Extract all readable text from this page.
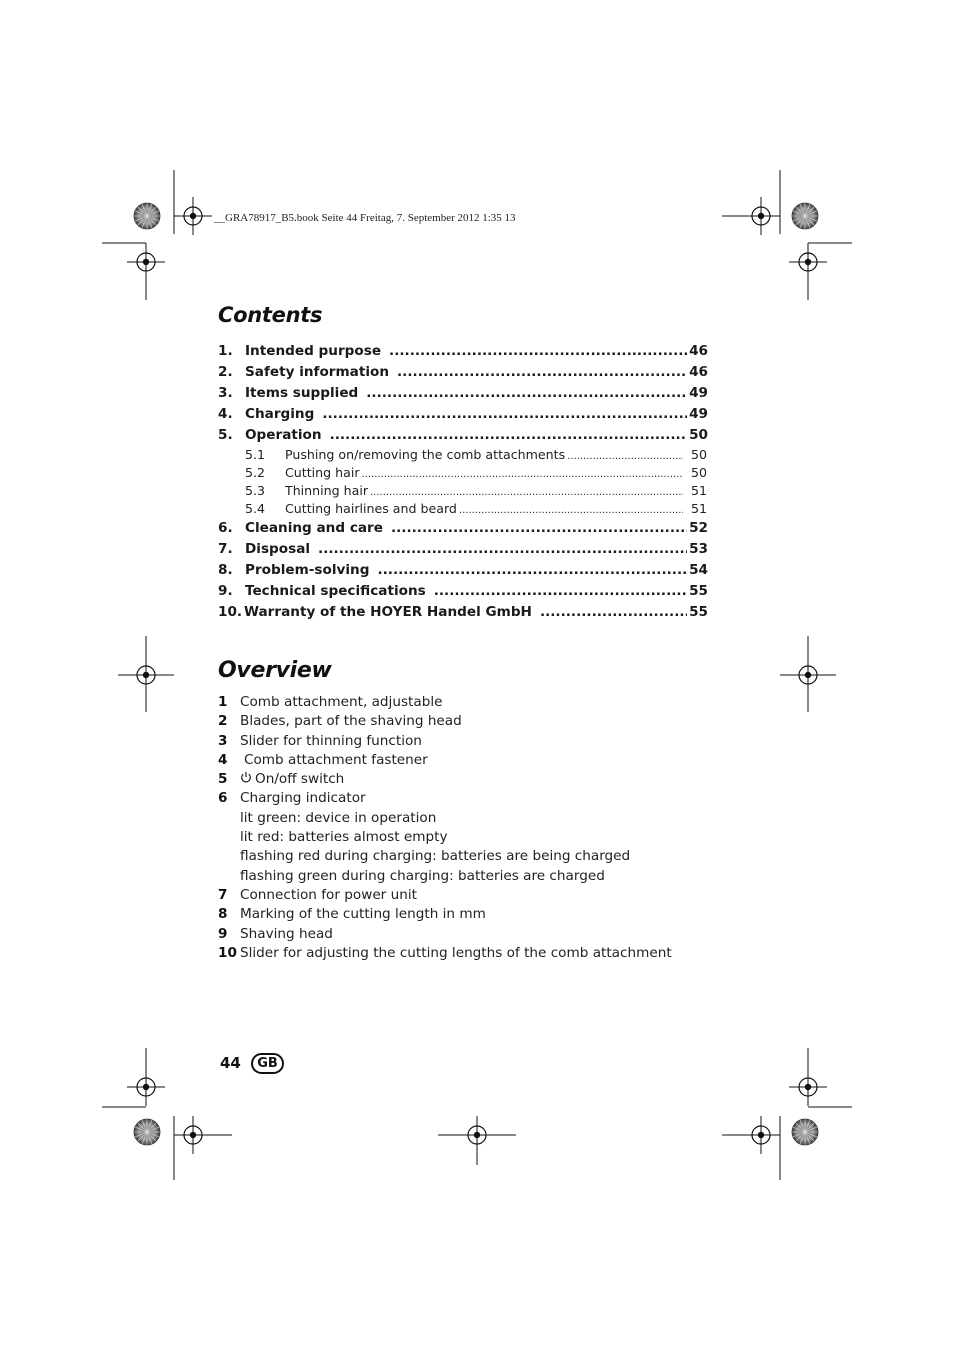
__GRA78917_B5.book Seite 44 Freitag, 7. September 2012 1:35 13
Contents
1. Intended purpose .....	46
2. Safety information .....	46
3. Items supplied .....	49
4. Charging .....	49
5. Operation .....	50
5.1	Pushing on/removing the comb attachments .....	50
5.2	Cutting hair .....	50
5.3	Thinning hair .....	51
5.4	Cutting hairlines and beard .....	51
6. Cleaning and care .....	52
7. Disposal .....	53
8. Problem-solving .....	54
9. Technical specifications .....	55
10. Warranty of the HOYER Handel GmbH .....	55
Overview
1 Comb attachment, adjustable
2 Blades, part of the shaving head
3 Slider for thinning function
4	Comb attachment fastener
5	On/off switch
6 Charging indicator
lit green: device in operation
lit red: batteries almost empty
flashing red during charging: batteries are being charged
flashing green during charging: batteries are charged
7 Connection for power unit
8 Marking of the cutting length in mm
9 Shaving head
10 Slider for adjusting the cutting lengths of the comb attachment
44	GB
